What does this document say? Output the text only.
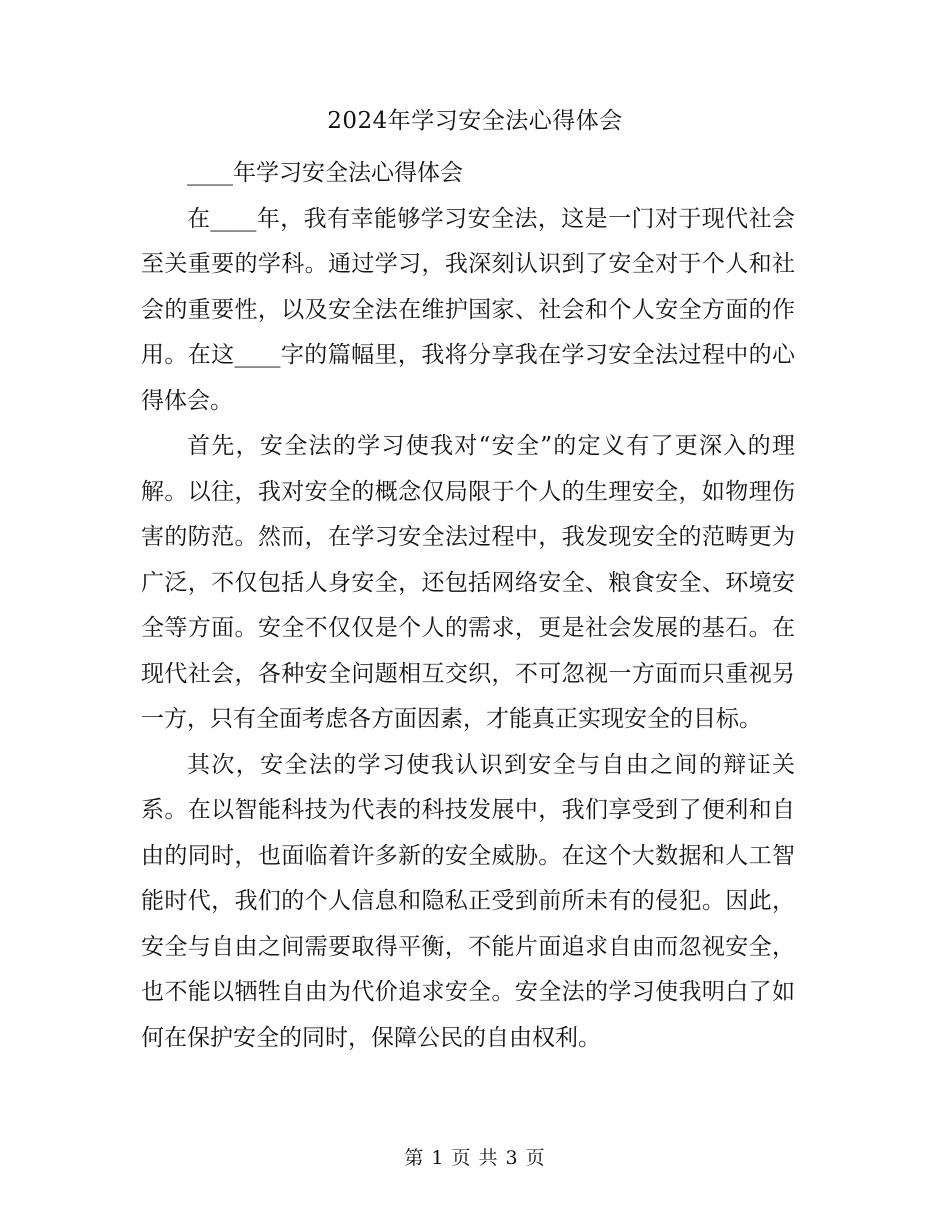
2024年学习安全法心得体会

____年学习安全法心得体会

在____年，我有幸能够学习安全法，这是一门对于现代社会至关重要的学科。通过学习，我深刻认识到了安全对于个人和社会的重要性，以及安全法在维护国家、社会和个人安全方面的作用。在这____字的篇幅里，我将分享我在学习安全法过程中的心得体会。

首先，安全法的学习使我对“安全”的定义有了更深入的理解。以往，我对安全的概念仅局限于个人的生理安全，如物理伤害的防范。然而，在学习安全法过程中，我发现安全的范畴更为广泛，不仅包括人身安全，还包括网络安全、粮食安全、环境安全等方面。安全不仅仅是个人的需求，更是社会发展的基石。在现代社会，各种安全问题相互交织，不可忽视一方面而只重视另一方，只有全面考虑各方面因素，才能真正实现安全的目标。

其次，安全法的学习使我认识到安全与自由之间的辩证关系。在以智能科技为代表的科技发展中，我们享受到了便利和自由的同时，也面临着许多新的安全威胁。在这个大数据和人工智能时代，我们的个人信息和隐私正受到前所未有的侵犯。因此，安全与自由之间需要取得平衡，不能片面追求自由而忽视安全，也不能以牺牲自由为代价追求安全。安全法的学习使我明白了如何在保护安全的同时，保障公民的自由权利。

第 1 页 共 3 页
